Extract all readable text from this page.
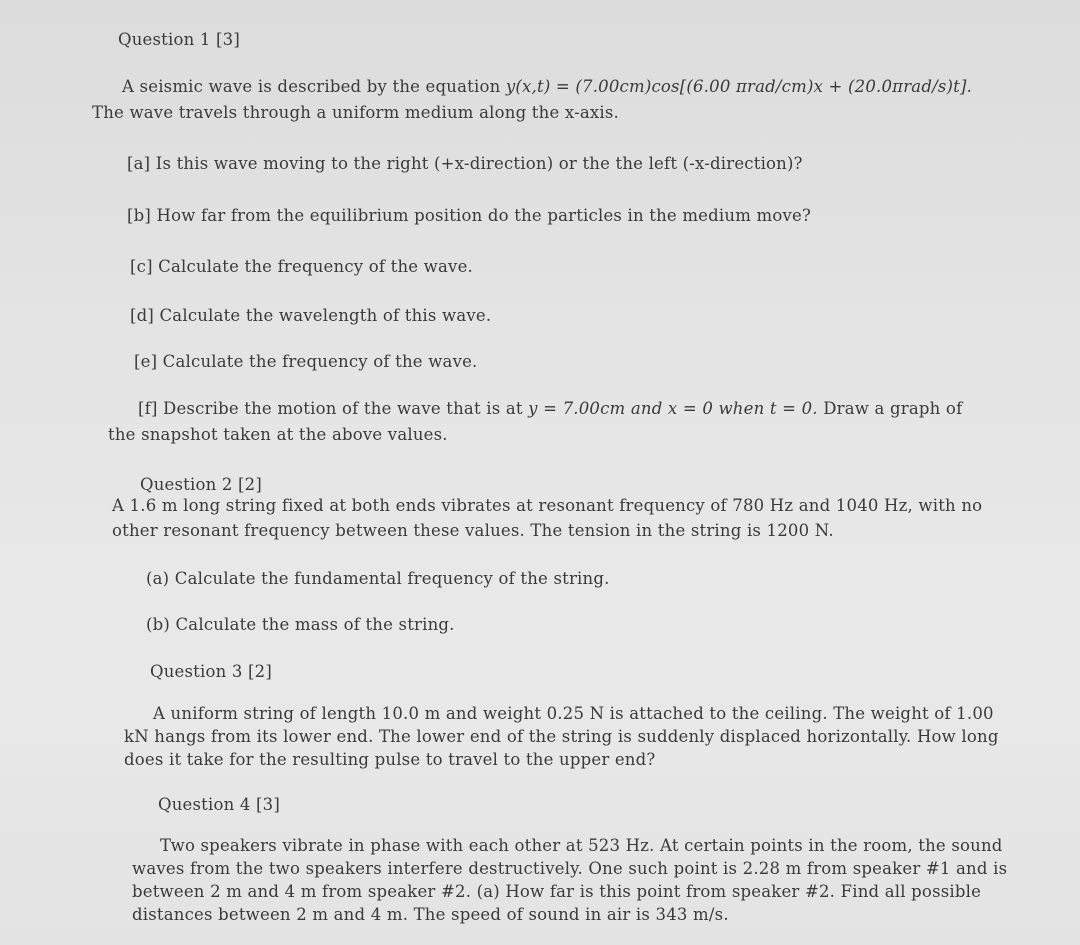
Question 1 [3]
A seismic wave is described by the equation y(x,t) = (7.00cm)cos[(6.00 πrad/cm)x + (20.0πrad/s)t].
The wave travels through a uniform medium along the x-axis.
[a] Is this wave moving to the right (+x-direction) or the the left (-x-direction)?
[b] How far from the equilibrium position do the particles in the medium move?
[c] Calculate the frequency of the wave.
[d] Calculate the wavelength of this wave.
[e] Calculate the frequency of the wave.
[f] Describe the motion of the wave that is at y = 7.00cm and x = 0 when t = 0. Draw a graph of
the snapshot taken at the above values.
Question 2 [2]
A 1.6 m long string fixed at both ends vibrates at resonant frequency of 780 Hz and 1040 Hz, with no
other resonant frequency between these values. The tension in the string is 1200 N.
(a) Calculate the fundamental frequency of the string.
(b) Calculate the mass of the string.
Question 3 [2]
A uniform string of length 10.0 m and weight 0.25 N is attached to the ceiling. The weight of 1.00
kN hangs from its lower end. The lower end of the string is suddenly displaced horizontally. How long
does it take for the resulting pulse to travel to the upper end?
Question 4 [3]
Two speakers vibrate in phase with each other at 523 Hz. At certain points in the room, the sound
waves from the two speakers interfere destructively. One such point is 2.28 m from speaker #1 and is
between 2 m and 4 m from speaker #2. (a) How far is this point from speaker #2. Find all possible
distances between 2 m and 4 m. The speed of sound in air is 343 m/s.
